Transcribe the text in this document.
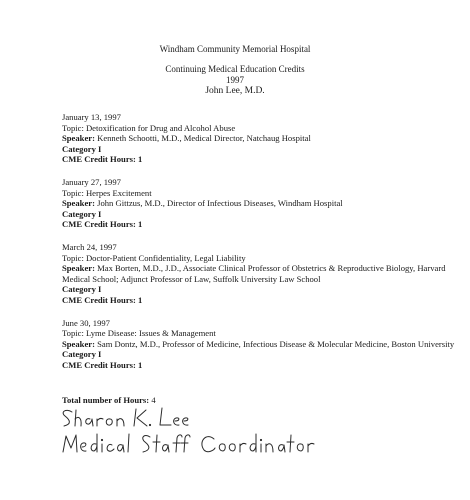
Windham Community Memorial Hospital
Continuing Medical Education Credits
1997
John Lee, M.D.
January 13, 1997
Topic: Detoxification for Drug and Alcohol Abuse
Speaker: Kenneth Schootti, M.D., Medical Director, Natchaug Hospital
Category I
CME Credit Hours: 1
January 27, 1997
Topic: Herpes Excitement
Speaker: John Gittzus, M.D., Director of Infectious Diseases, Windham Hospital
Category I
CME Credit Hours: 1
March 24, 1997
Topic: Doctor-Patient Confidentiality, Legal Liability
Speaker: Max Borten, M.D., J.D., Associate Clinical Professor of Obstetrics & Reproductive Biology, Harvard Medical School; Adjunct Professor of Law, Suffolk University Law School
Category I
CME Credit Hours: 1
June 30, 1997
Topic: Lyme Disease: Issues & Management
Speaker: Sam Dontz, M.D., Professor of Medicine, Infectious Disease & Molecular Medicine, Boston University
Category I
CME Credit Hours: 1
Total number of Hours: 4
